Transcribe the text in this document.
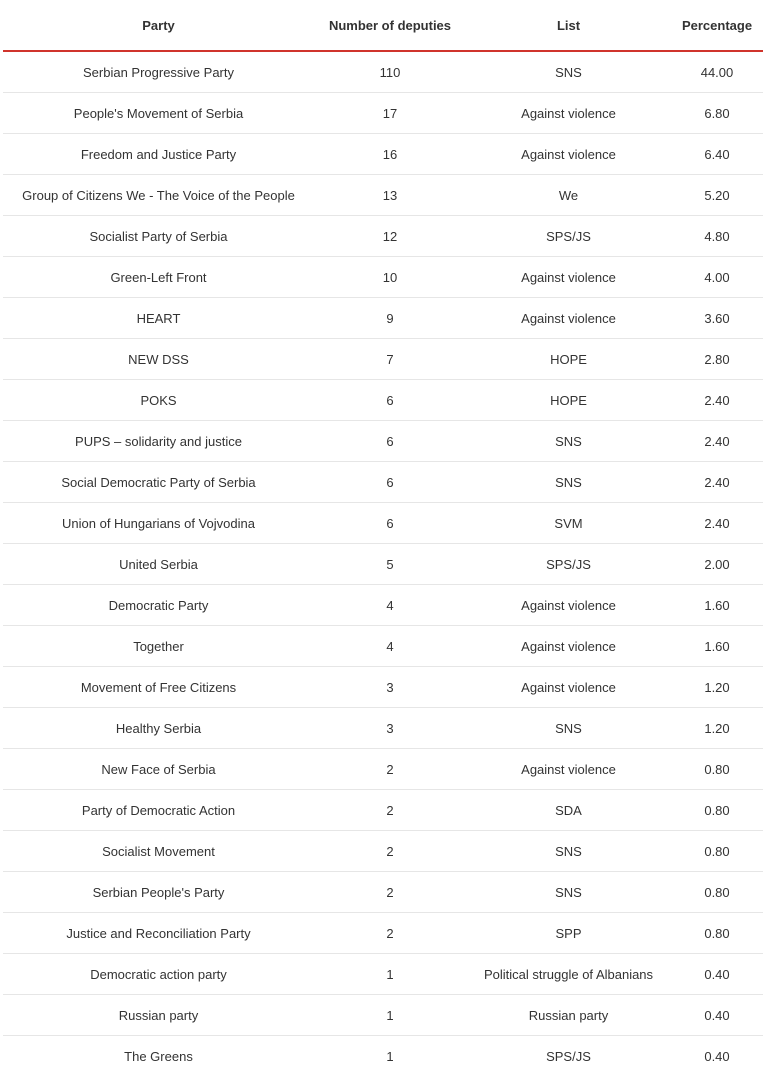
Party	Number of deputies	List	Percentage
Serbian Progressive Party	110	SNS	44.00
People's Movement of Serbia	17	Against violence	6.80
Freedom and Justice Party	16	Against violence	6.40
Group of Citizens We - The Voice of the People	13	We	5.20
Socialist Party of Serbia	12	SPS/JS	4.80
Green-Left Front	10	Against violence	4.00
HEART	9	Against violence	3.60
NEW DSS	7	HOPE	2.80
POKS	6	HOPE	2.40
PUPS – solidarity and justice	6	SNS	2.40
Social Democratic Party of Serbia	6	SNS	2.40
Union of Hungarians of Vojvodina	6	SVM	2.40
United Serbia	5	SPS/JS	2.00
Democratic Party	4	Against violence	1.60
Together	4	Against violence	1.60
Movement of Free Citizens	3	Against violence	1.20
Healthy Serbia	3	SNS	1.20
New Face of Serbia	2	Against violence	0.80
Party of Democratic Action	2	SDA	0.80
Socialist Movement	2	SNS	0.80
Serbian People's Party	2	SNS	0.80
Justice and Reconciliation Party	2	SPP	0.80
Democratic action party	1	Political struggle of Albanians	0.40
Russian party	1	Russian party	0.40
The Greens	1	SPS/JS	0.40
